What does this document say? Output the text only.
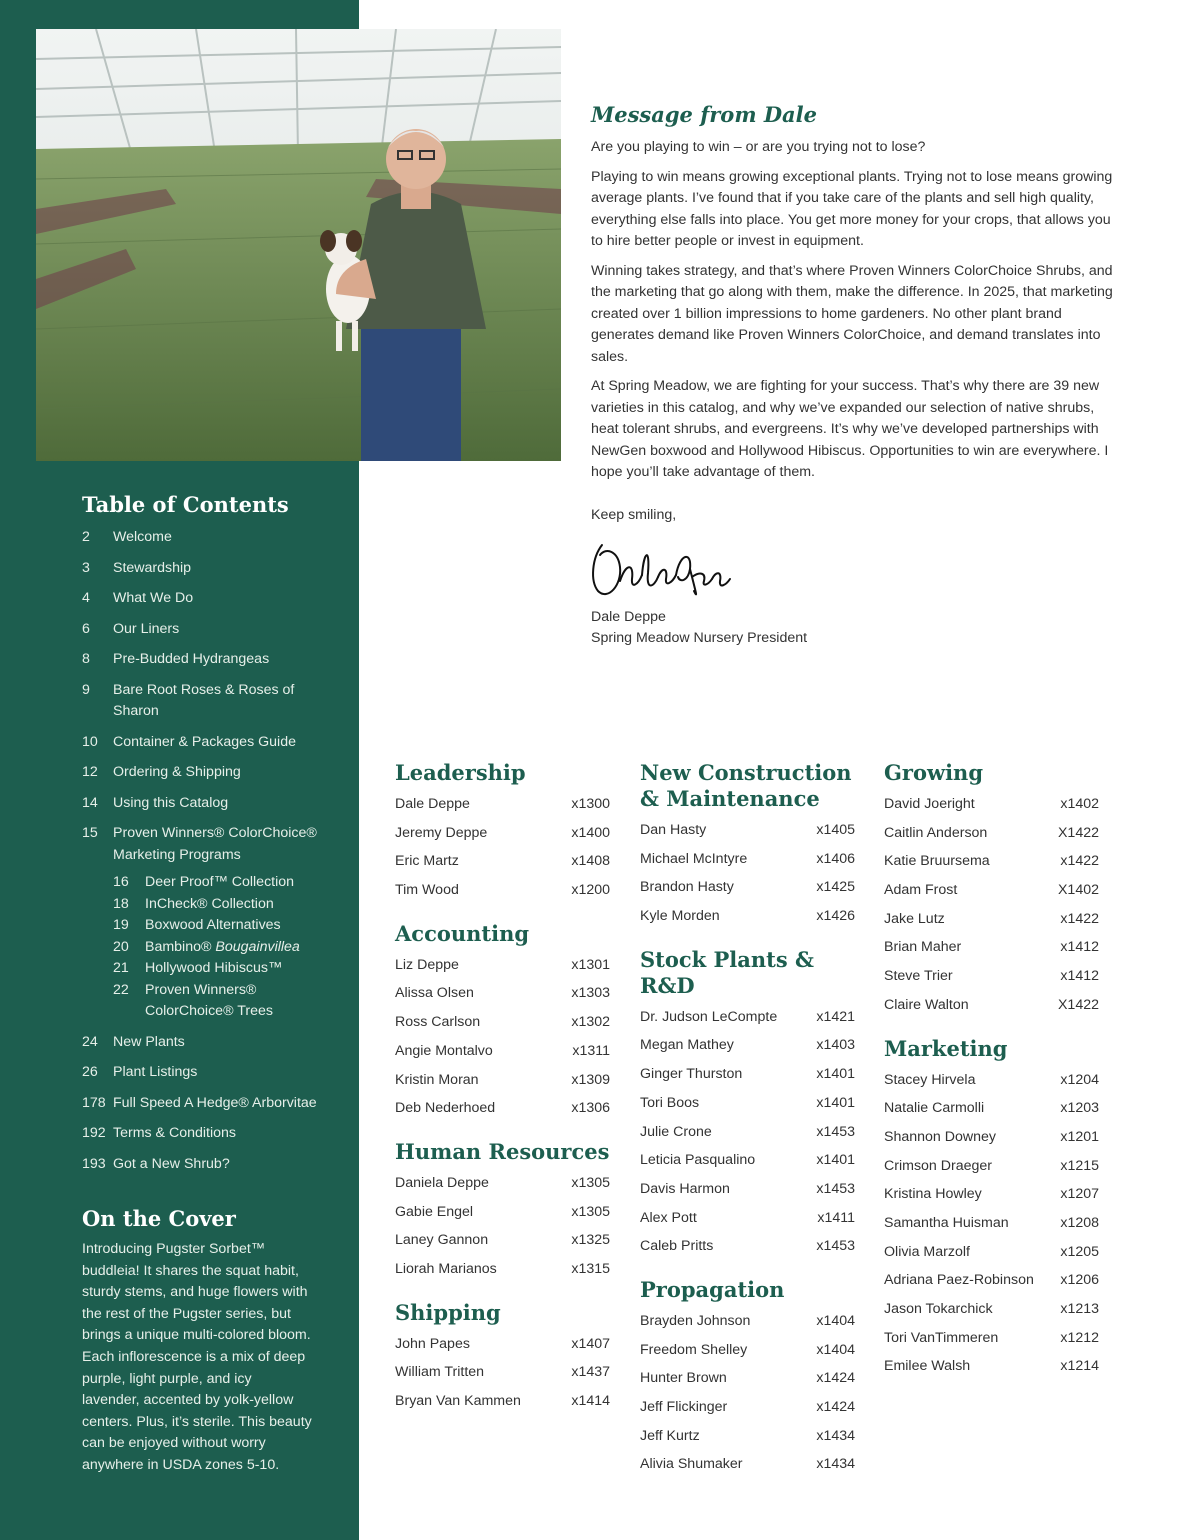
Message from Dale

Are you playing to win – or are you trying not to lose?

Playing to win means growing exceptional plants. Trying not to lose means growing average plants. I’ve found that if you take care of the plants and sell high quality, everything else falls into place. You get more money for your crops, that allows you to hire better people or invest in equipment.

Winning takes strategy, and that’s where Proven Winners ColorChoice Shrubs, and the marketing that go along with them, make the difference. In 2025, that marketing created over 1 billion impressions to home gardeners. No other plant brand generates demand like Proven Winners ColorChoice, and demand translates into sales.

At Spring Meadow, we are fighting for your success. That’s why there are 39 new varieties in this catalog, and why we’ve expanded our selection of native shrubs, heat tolerant shrubs, and evergreens. It’s why we’ve developed partnerships with NewGen boxwood and Hollywood Hibiscus. Opportunities to win are everywhere. I hope you’ll take advantage of them.

Keep smiling,
Dale Deppe
Spring Meadow Nursery President
Table of Contents
2	Welcome
3	Stewardship
4	What We Do
6	Our Liners
8	Pre-Budded Hydrangeas
9	Bare Root Roses & Roses of Sharon
10	Container & Packages Guide
12	Ordering & Shipping
14	Using this Catalog
15	Proven Winners® ColorChoice® Marketing Programs
16	Deer Proof™ Collection
18	InCheck® Collection
19	Boxwood Alternatives
20	Bambino® Bougainvillea
21	Hollywood Hibiscus™
22	Proven Winners® ColorChoice® Trees
24	New Plants
26	Plant Listings
178 Full Speed A Hedge® Arborvitae
192 Terms & Conditions
193 Got a New Shrub?
On the Cover

Introducing Pugster Sorbet™ buddleia! It shares the squat habit, sturdy stems, and huge flowers with the rest of the Pugster series, but brings a unique multi-colored bloom. Each inflorescence is a mix of deep purple, light purple, and icy lavender, accented by yolk-yellow centers. Plus, it’s sterile. This beauty can be enjoyed without worry anywhere in USDA zones 5-10.

Leadership
Dale Deppe	x1300
Jeremy Deppe	x1400
Eric Martz	x1408
Tim Wood	x1200
Accounting
Liz Deppe	x1301
Alissa Olsen	x1303
Ross Carlson	x1302
Angie Montalvo	x1311
Kristin Moran	x1309
Deb Nederhoed	x1306
Human Resources
Daniela Deppe	x1305
Gabie Engel	x1305
Laney Gannon	x1325
Liorah Marianos	x1315
Shipping
John Papes	x1407
William Tritten	x1437
Bryan Van Kammen	x1414
New Construction & Maintenance
Dan Hasty	x1405
Michael McIntyre	x1406
Brandon Hasty	x1425
Kyle Morden	x1426
Stock Plants & R&D
Dr. Judson LeCompte	x1421
Megan Mathey	x1403
Ginger Thurston	x1401
Tori Boos	x1401
Julie Crone	x1453
Leticia Pasqualino	x1401
Davis Harmon	x1453
Alex Pott	x1411
Caleb Pritts	x1453
Propagation
Brayden Johnson	x1404
Freedom Shelley	x1404
Hunter Brown	x1424
Jeff Flickinger	x1424
Jeff Kurtz	x1434
Alivia Shumaker	x1434
Growing
David Joeright	x1402
Caitlin Anderson	X1422
Katie Bruursema	x1422
Adam Frost	X1402
Jake Lutz	x1422
Brian Maher	x1412
Steve Trier	x1412
Claire Walton	X1422
Marketing
Stacey Hirvela	x1204
Natalie Carmolli	x1203
Shannon Downey	x1201
Crimson Draeger	x1215
Kristina Howley	x1207
Samantha Huisman	x1208
Olivia Marzolf	x1205
Adriana Paez-Robinson x1206
Jason Tokarchick	x1213
Tori VanTimmeren	x1212
Emilee Walsh	x1214
